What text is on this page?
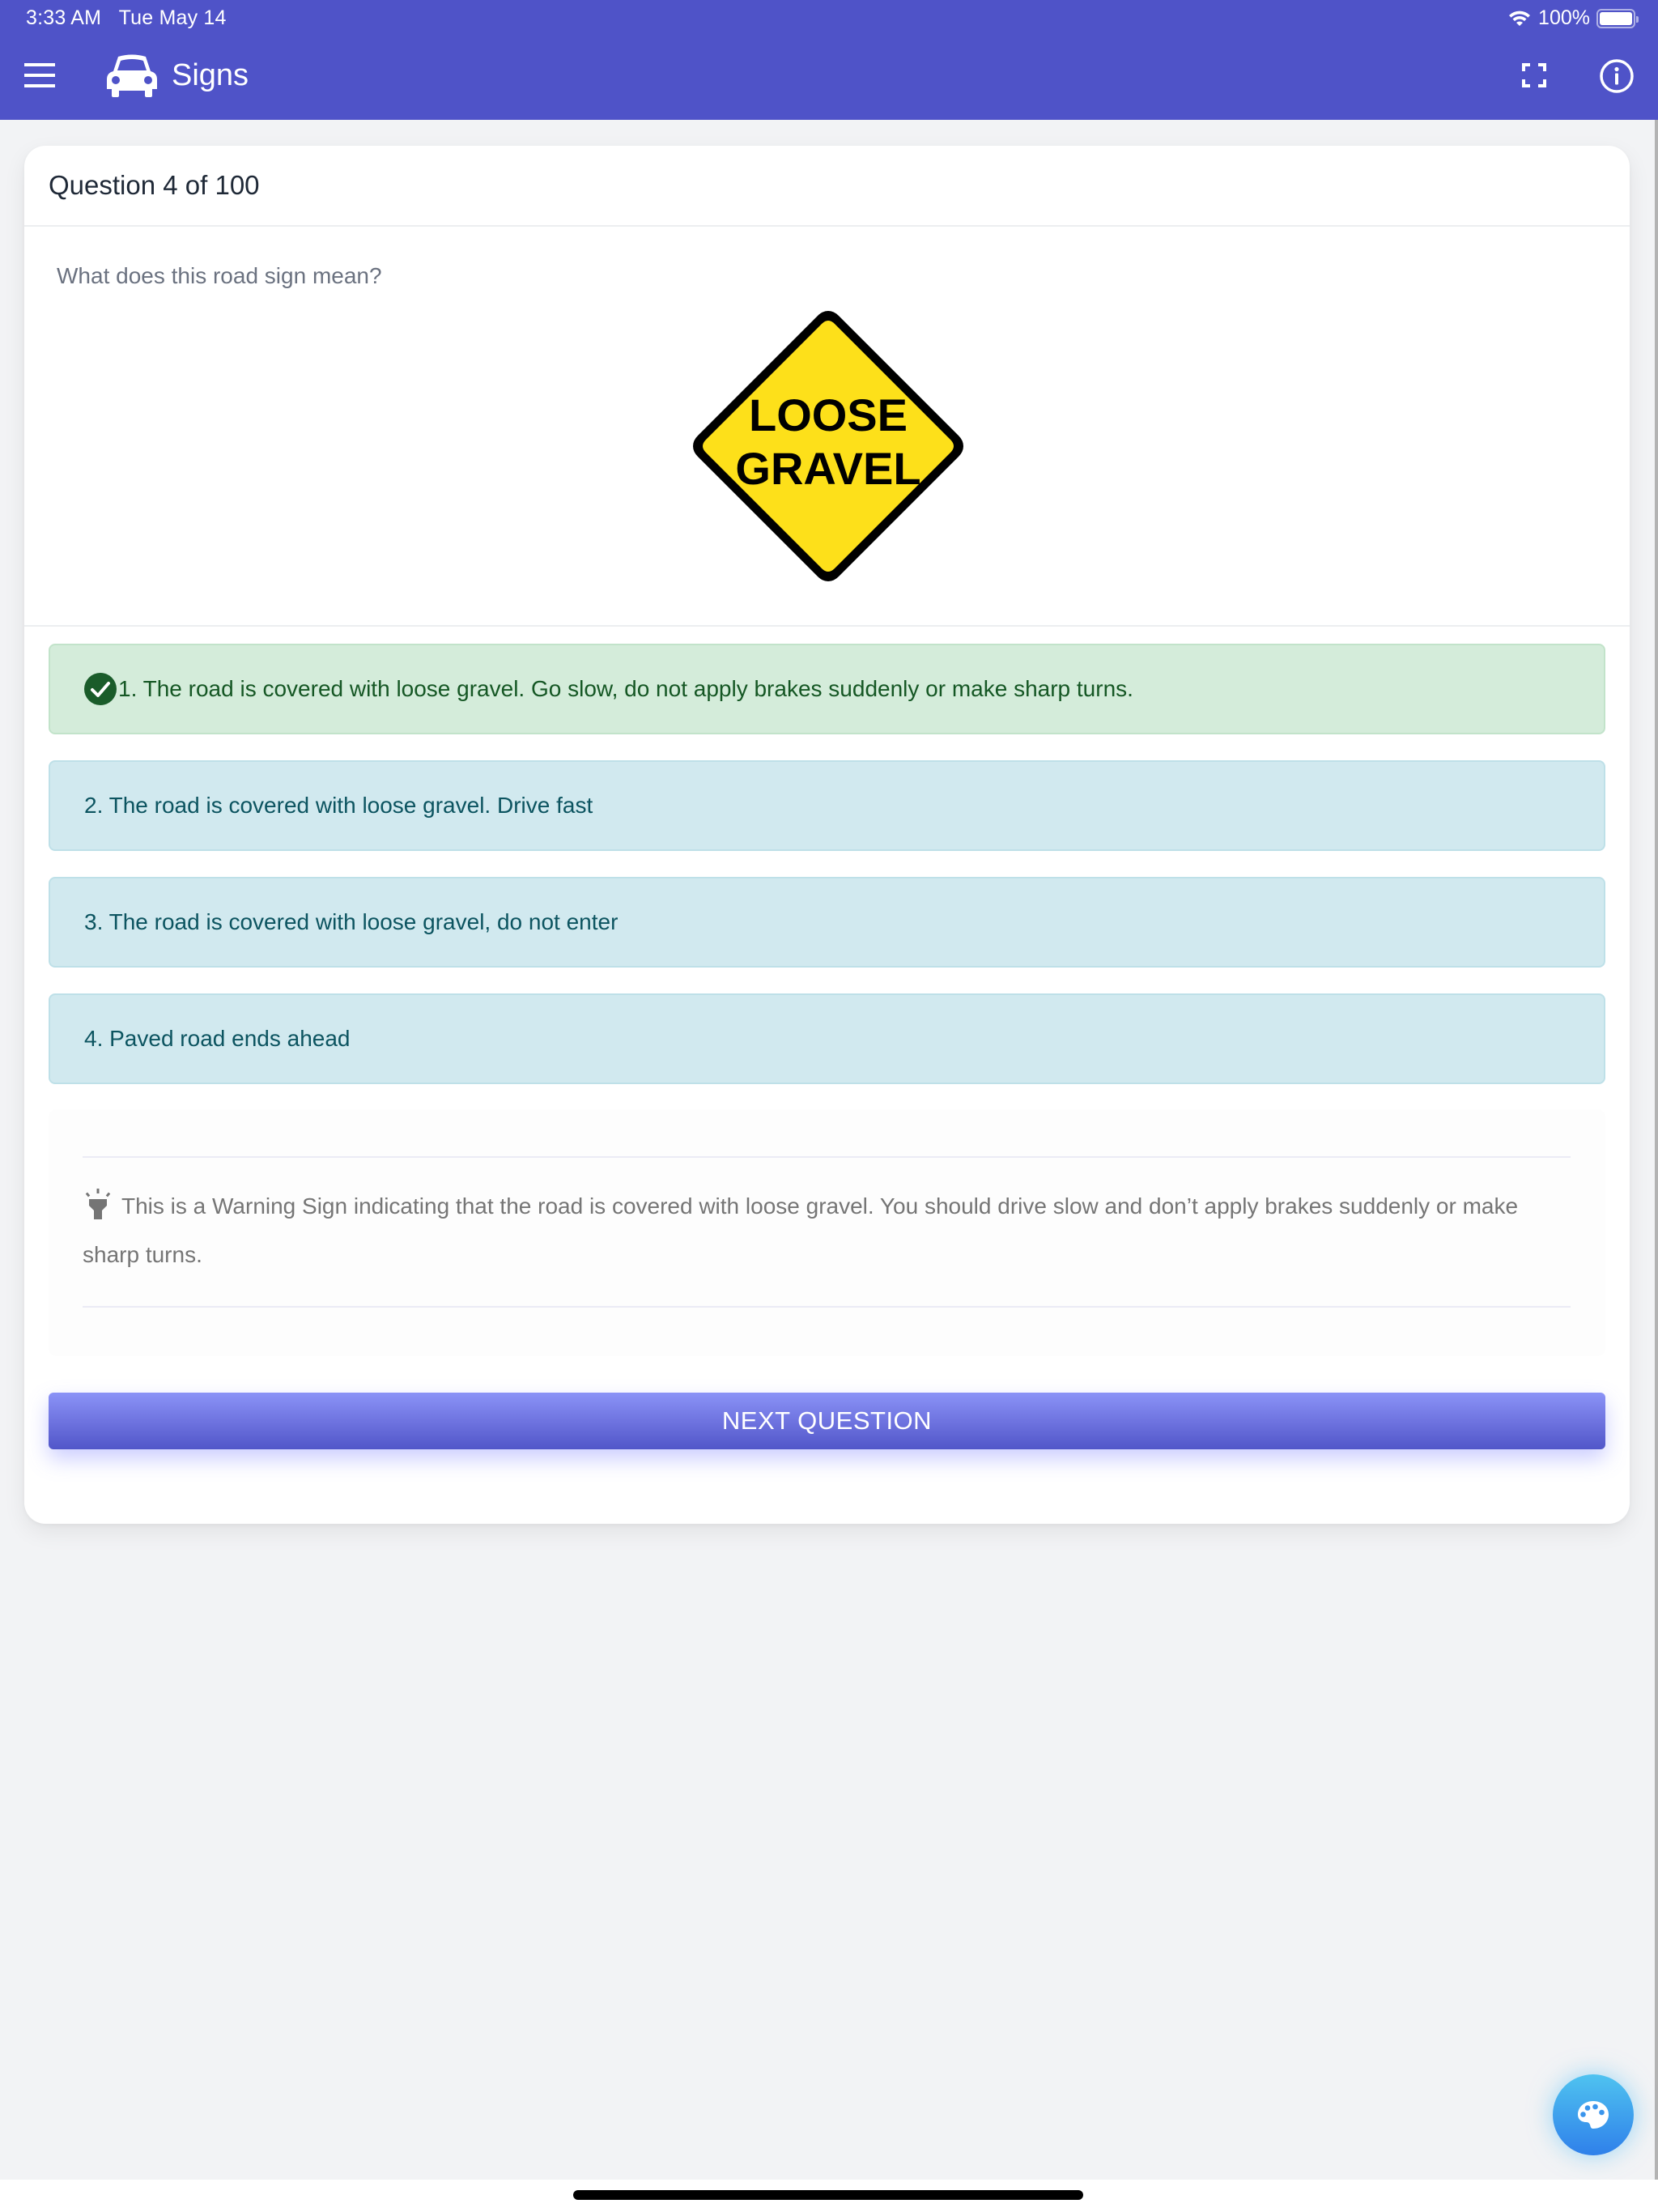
3:33 AM Tue May 14	100%
Signs
Question 4 of 100
What does this road sign mean?
LOOSE
GRAVEL
1. The road is covered with loose gravel. Go slow, do not apply brakes suddenly or make sharp turns.
2. The road is covered with loose gravel. Drive fast
3. The road is covered with loose gravel, do not enter
4. Paved road ends ahead
This is a Warning Sign indicating that the road is covered with loose gravel. You should drive slow and don’t apply brakes suddenly or make sharp turns.
NEXT QUESTION
